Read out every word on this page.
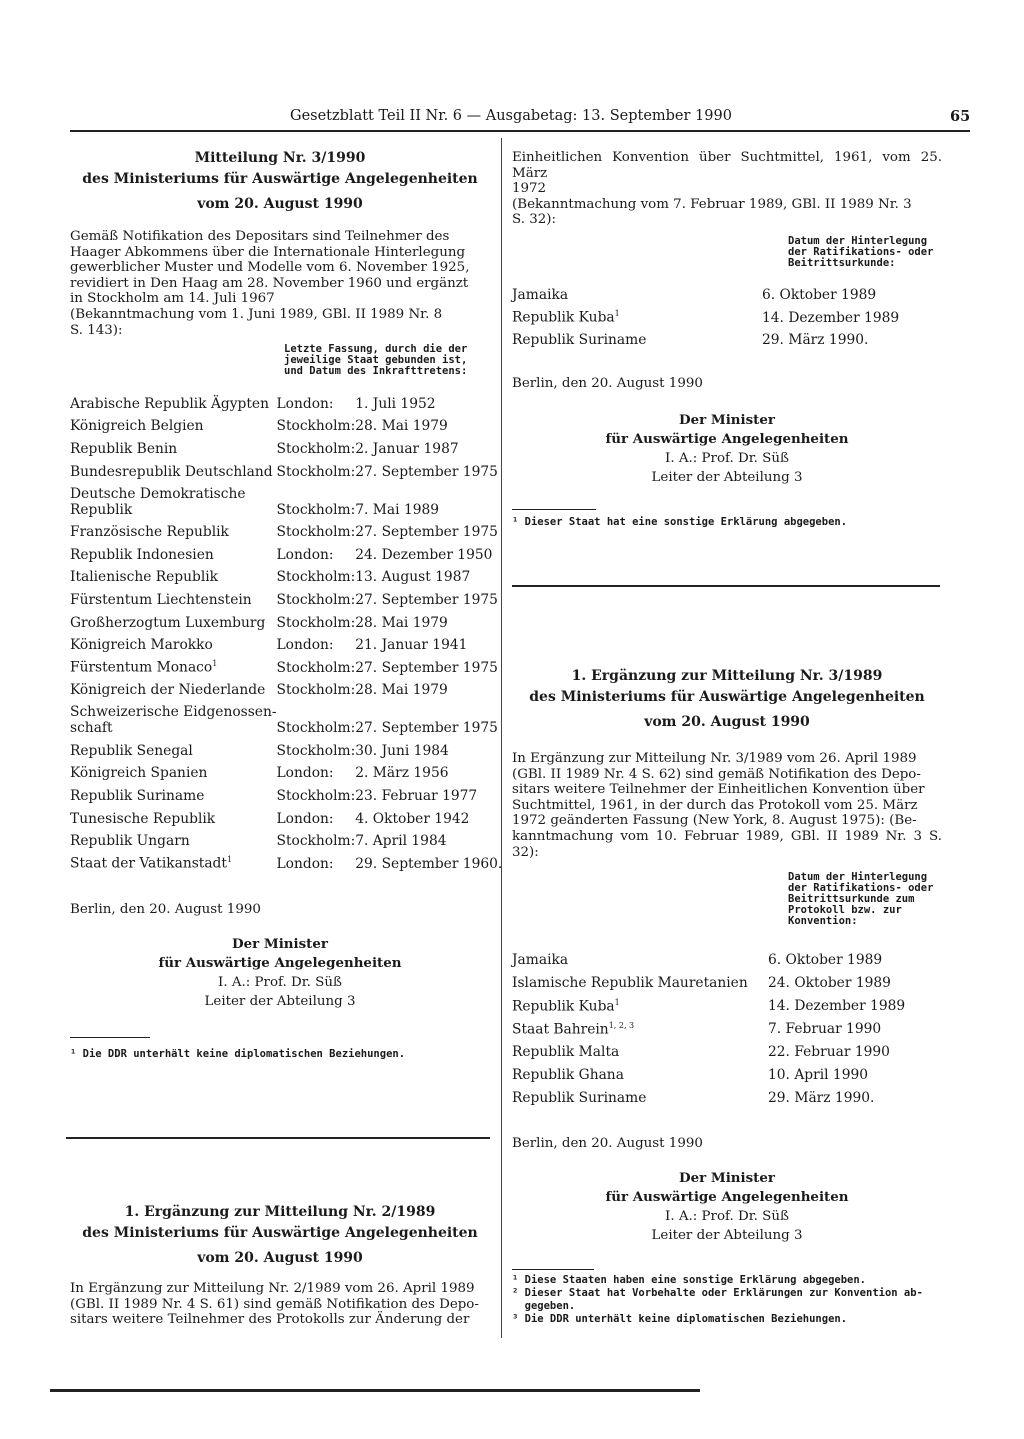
Gesetzblatt Teil II Nr. 6 — Ausgabetag: 13. September 1990	65
Mitteilung Nr. 3/1990
des Ministeriums für Auswärtige Angelegenheiten
vom 20. August 1990
Gemäß Notifikation des Depositars sind Teilnehmer des
Haager Abkommens über die Internationale Hinterlegung
gewerblicher Muster und Modelle vom 6. November 1925,
revidiert in Den Haag am 28. November 1960 und ergänzt
in Stockholm am 14. Juli 1967
(Bekanntmachung vom 1. Juni 1989, GBl. II 1989 Nr. 8
S. 143):
Letzte Fassung, durch die der
jeweilige Staat gebunden ist,
und Datum des Inkrafttretens:
Arabische Republik Ägypten	London:	1. Juli 1952
Königreich Belgien	Stockholm:	28. Mai 1979
Republik Benin	Stockholm:	2. Januar 1987
Bundesrepublik Deutschland	Stockholm:	27. September 1975
Deutsche Demokratische
Republik	Stockholm:	7. Mai 1989
Französische Republik	Stockholm:	27. September 1975
Republik Indonesien	London:	24. Dezember 1950
Italienische Republik	Stockholm:	13. August 1987
Fürstentum Liechtenstein	Stockholm:	27. September 1975
Großherzogtum Luxemburg	Stockholm:	28. Mai 1979
Königreich Marokko	London:	21. Januar 1941
Fürstentum Monaco$^1$	Stockholm:	27. September 1975
Königreich der Niederlande	Stockholm:	28. Mai 1979
Schweizerische Eidgenossen-
schaft	Stockholm:	27. September 1975
Republik Senegal	Stockholm:	30. Juni 1984
Königreich Spanien	London:	2. März 1956
Republik Suriname	Stockholm:	23. Februar 1977
Tunesische Republik	London:	4. Oktober 1942
Republik Ungarn	Stockholm:	7. April 1984
Staat der Vatikanstadt$^1$	London:	29. September 1960.
Berlin, den 20. August 1990
Der Minister
für Auswärtige Angelegenheiten
I. A.: Prof. Dr. Süß
Leiter der Abteilung 3
¹ Die DDR unterhält keine diplomatischen Beziehungen.
1. Ergänzung zur Mitteilung Nr. 2/1989
des Ministeriums für Auswärtige Angelegenheiten
vom 20. August 1990
In Ergänzung zur Mitteilung Nr. 2/1989 vom 26. April 1989
(GBl. II 1989 Nr. 4 S. 61) sind gemäß Notifikation des Depo-
sitars weitere Teilnehmer des Protokolls zur Änderung der
Einheitlichen Konvention über Suchtmittel, 1961, vom 25. März
1972
(Bekanntmachung vom 7. Februar 1989, GBl. II 1989 Nr. 3
S. 32):
Datum der Hinterlegung
der Ratifikations- oder
Beitrittsurkunde:
Jamaika	6. Oktober 1989
Republik Kuba$^1$	14. Dezember 1989
Republik Suriname	29. März 1990.
Berlin, den 20. August 1990
Der Minister
für Auswärtige Angelegenheiten
I. A.: Prof. Dr. Süß
Leiter der Abteilung 3
¹ Dieser Staat hat eine sonstige Erklärung abgegeben.
1. Ergänzung zur Mitteilung Nr. 3/1989
des Ministeriums für Auswärtige Angelegenheiten
vom 20. August 1990
In Ergänzung zur Mitteilung Nr. 3/1989 vom 26. April 1989
(GBl. II 1989 Nr. 4 S. 62) sind gemäß Notifikation des Depo-
sitars weitere Teilnehmer der Einheitlichen Konvention über
Suchtmittel, 1961, in der durch das Protokoll vom 25. März
1972 geänderten Fassung (New York, 8. August 1975): (Be-
kanntmachung vom 10. Februar 1989, GBl. II 1989 Nr. 3 S. 32):
Datum der Hinterlegung
der Ratifikations- oder
Beitrittsurkunde zum
Protokoll bzw. zur
Konvention:
Jamaika	6. Oktober 1989
Islamische Republik Mauretanien	24. Oktober 1989
Republik Kuba$^1$	14. Dezember 1989
Staat Bahrein$^{1, 2, 3}$	7. Februar 1990
Republik Malta	22. Februar 1990
Republik Ghana	10. April 1990
Republik Suriname	29. März 1990.
Berlin, den 20. August 1990
Der Minister
für Auswärtige Angelegenheiten
I. A.: Prof. Dr. Süß
Leiter der Abteilung 3
¹ Diese Staaten haben eine sonstige Erklärung abgegeben.
² Dieser Staat hat Vorbehalte oder Erklärungen zur Konvention ab-
gegeben.
³ Die DDR unterhält keine diplomatischen Beziehungen.
